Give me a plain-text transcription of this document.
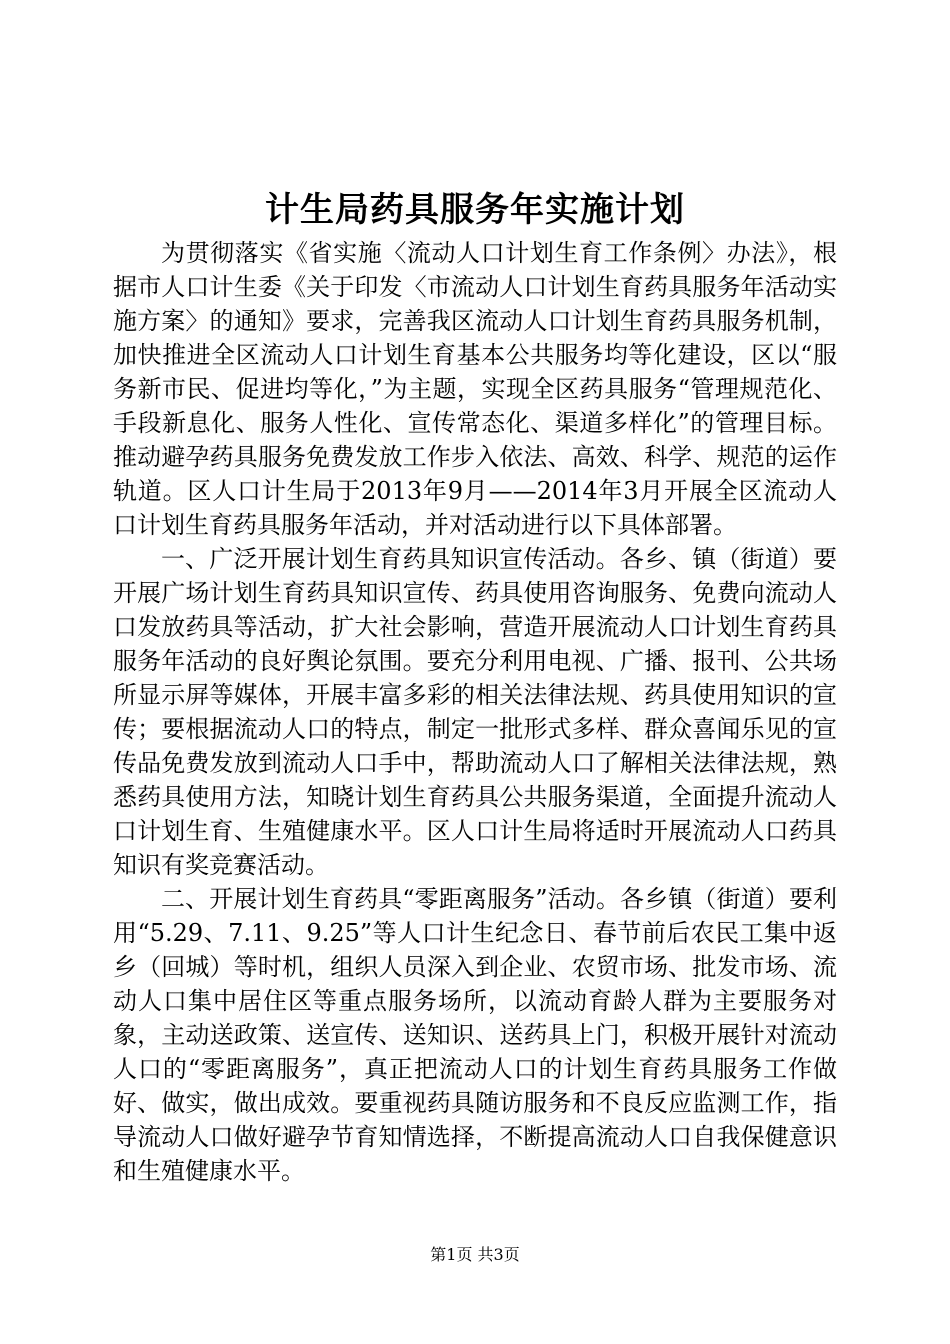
计生局药具服务年实施计划

为贯彻落实《省实施〈流动人口计划生育工作条例〉办法》，根据市人口计生委《关于印发〈市流动人口计划生育药具服务年活动实施方案〉的通知》要求，完善我区流动人口计划生育药具服务机制，加快推进全区流动人口计划生育基本公共服务均等化建设，区以“服务新市民、促进均等化，”为主题，实现全区药具服务“管理规范化、手段新息化、服务人性化、宣传常态化、渠道多样化”的管理目标。推动避孕药具服务免费发放工作步入依法、高效、科学、规范的运作轨道。区人口计生局于2013年9月——2014年3月开展全区流动人口计划生育药具服务年活动，并对活动进行以下具体部署。

一、广泛开展计划生育药具知识宣传活动。各乡、镇（街道）要开展广场计划生育药具知识宣传、药具使用咨询服务、免费向流动人口发放药具等活动，扩大社会影响，营造开展流动人口计划生育药具服务年活动的良好舆论氛围。要充分利用电视、广播、报刊、公共场所显示屏等媒体，开展丰富多彩的相关法律法规、药具使用知识的宣传；要根据流动人口的特点，制定一批形式多样、群众喜闻乐见的宣传品免费发放到流动人口手中，帮助流动人口了解相关法律法规，熟悉药具使用方法，知晓计划生育药具公共服务渠道，全面提升流动人口计划生育、生殖健康水平。区人口计生局将适时开展流动人口药具知识有奖竞赛活动。

二、开展计划生育药具“零距离服务”活动。各乡镇（街道）要利用“5.29、7.11、9.25”等人口计生纪念日、春节前后农民工集中返乡（回城）等时机，组织人员深入到企业、农贸市场、批发市场、流动人口集中居住区等重点服务场所，以流动育龄人群为主要服务对象，主动送政策、送宣传、送知识、送药具上门，积极开展针对流动人口的“零距离服务”，真正把流动人口的计划生育药具服务工作做好、做实，做出成效。要重视药具随访服务和不良反应监测工作，指导流动人口做好避孕节育知情选择，不断提高流动人口自我保健意识和生殖健康水平。

第1页 共3页
